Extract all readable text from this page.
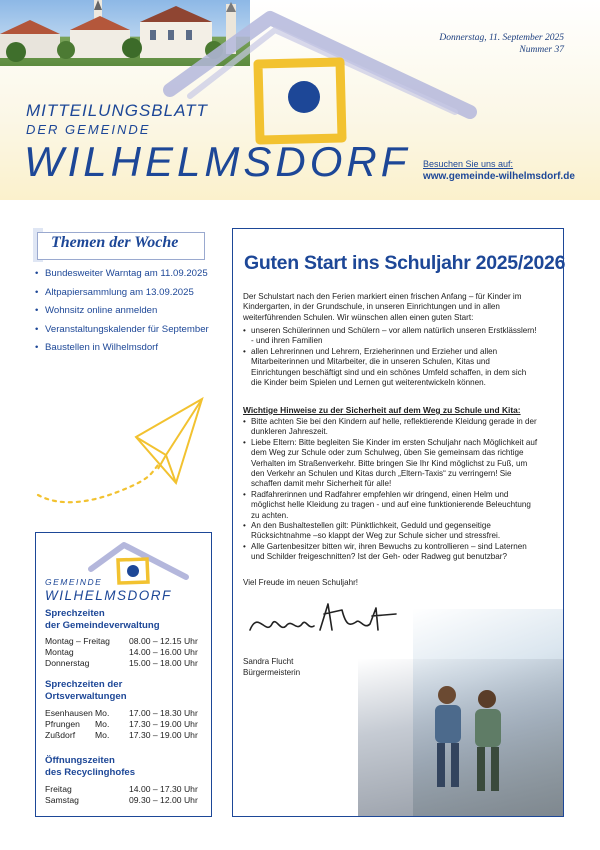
Donnerstag, 11. September 2025
Nummer 37
MITTEILUNGSBLATT
DER GEMEINDE
WILHELMSDORF Besuchen Sie uns auf:
www.gemeinde-wilhelmsdorf.de
Themen der Woche
• Bundesweiter Warntag am 11.09.2025
• Altpapiersammlung am 13.09.2025
• Wohnsitz online anmelden
• Veranstaltungskalender für September
• Baustellen in Wilhelmsdorf
GEMEINDE
WILHELMSDORF
Sprechzeiten
der Gemeindeverwaltung
Montag – Freitag 08.00 – 12.15 Uhr
Montag	14.00 – 16.00 Uhr
Donnerstag	15.00 – 18.00 Uhr
Sprechzeiten der
Ortsverwaltungen
Esenhausen Mo. 17.00 – 18.30 Uhr
Pfrungen Mo. 17.30 – 19.00 Uhr
Zußdorf Mo. 17.30 – 19.00 Uhr
Öffnungszeiten
des Recyclinghofes
Freitag	14.00 – 17.30 Uhr
Samstag	09.30 – 12.00 Uhr
Guten Start ins Schuljahr 2025/2026
Der Schulstart nach den Ferien markiert einen frischen Anfang – für Kinder im Kindergarten, in der Grundschule, in unseren Einrichtungen und in allen weiterführenden Schulen. Wir wünschen allen einen guten Start:
• unseren Schülerinnen und Schülern – vor allem natürlich unseren Erstklässlern! - und ihren Familien
• allen Lehrerinnen und Lehrern, Erzieherinnen und Erzieher und allen Mitarbeiterinnen und Mitarbeiter, die in unseren Schulen, Kitas und Einrichtungen beschäftigt sind und ein schönes Umfeld schaffen, in dem sich die Kinder beim Spielen und Lernen gut weiterentwickeln können.
Wichtige Hinweise zu der Sicherheit auf dem Weg zu Schule und Kita:
• Bitte achten Sie bei den Kindern auf helle, reflektierende Kleidung gerade in der dunkleren Jahreszeit.
• Liebe Eltern: Bitte begleiten Sie Kinder im ersten Schuljahr nach Möglichkeit auf dem Weg zur Schule oder zum Schulweg, üben Sie gemeinsam das richtige Verhalten im Straßenverkehr. Bitte bringen Sie Ihr Kind möglichst zu Fuß, um den Verkehr an Schulen und Kitas durch „Eltern-Taxis“ zu verringern! Sie schaffen damit mehr Sicherheit für alle!
• Radfahrerinnen und Radfahrer empfehlen wir dringend, einen Helm und möglichst helle Kleidung zu tragen - und auf eine funktionierende Beleuchtung zu achten.
• An den Bushaltestellen gilt: Pünktlichkeit, Geduld und gegenseitige Rücksichtnahme –so klappt der Weg zur Schule sicher und stressfrei.
• Alle Gartenbesitzer bitten wir, ihren Bewuchs zu kontrollieren – sind Laternen und Schilder freigeschnitten? Ist der Geh- oder Radweg gut benutzbar?
Viel Freude im neuen Schuljahr!
Sandra Flucht
Bürgermeisterin
